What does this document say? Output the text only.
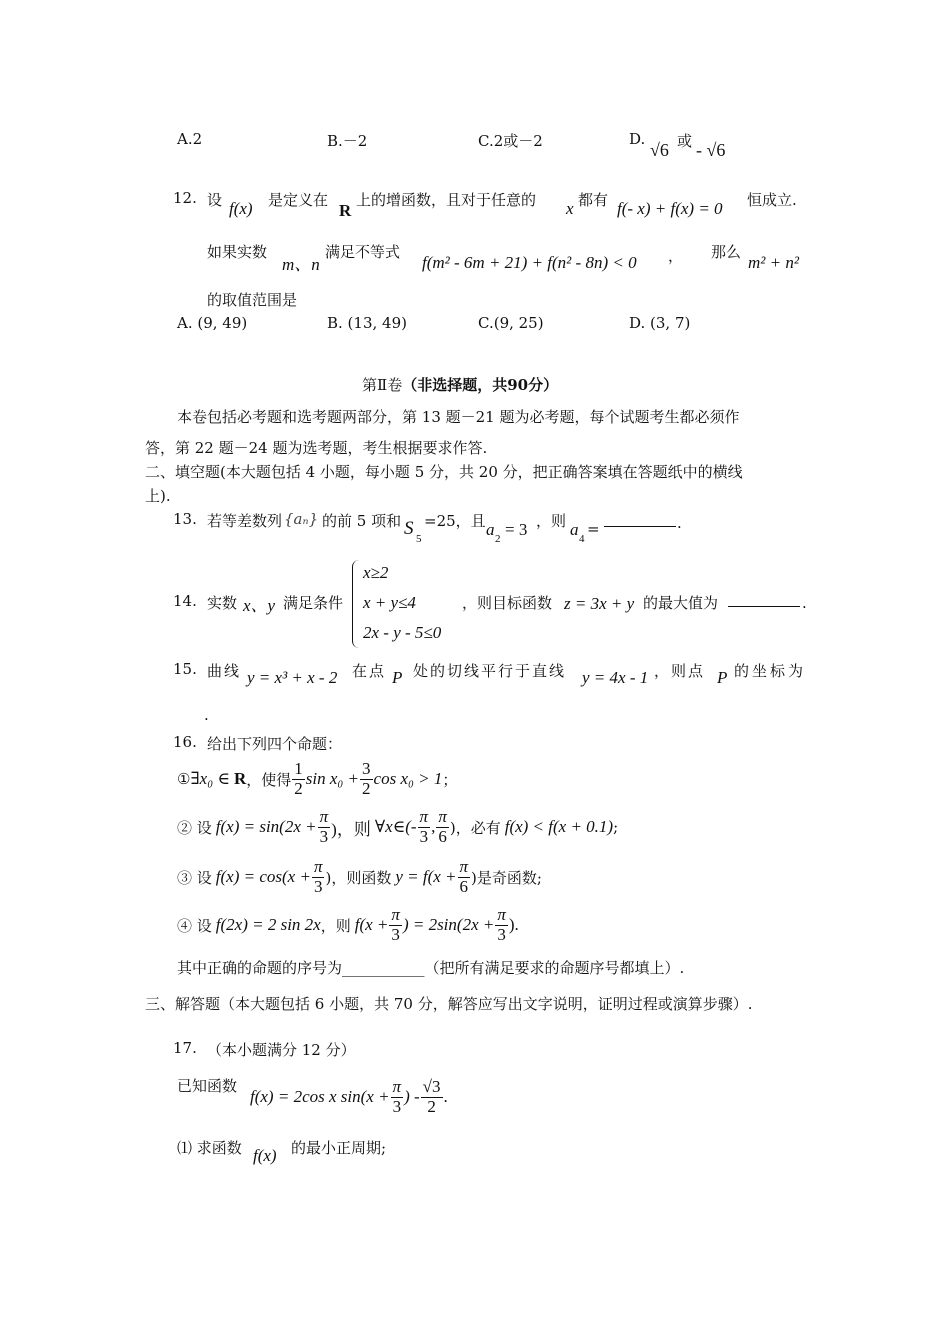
A.2	B.－2	C.2或－2	D.
√6 或 - √6
12. 设 f(x) 是定义在
R
上的增函数，且对于任意的 x 都有 f(- x) + f(x) = 0 恒成立.
如果实数
m、n
满足不等式
f(m² - 6m + 21) + f(n² - 8n) < 0 ， 那么
m² + n²
的取值范围是
A. (9, 49)	B. (13, 49)	C.(9, 25)	D. (3, 7)
第Ⅱ卷（非选择题，共90分）
本卷包括必考题和选考题两部分，第 13 题－21 题为必考题，每个试题考生都必须作
答，第 22 题－24 题为选考题，考生根据要求作答.
二、填空题(本大题包括 4 小题，每小题 5 分，共 20 分，把正确答案填在答题纸中的横线
上).
13. 若等差数列 {aₙ} 的前 5 项和 S 5
=25，且 a 2 = 3 ，则 a 4
=	.
14. 实数 x、y 满足条件
x≥2
x + y≤4
2x - y - 5≤0
，则目标函数 z = 3x + y 的最大值为	.
15. 曲线 y = x³ + x - 2 在点 P 处的切线平行于直线 y = 4x - 1 ，则点 P 的坐标为
.
16. 给出下列四个命题：
① ∃x₀ ∈ R ，使得 $\frac{1}{2}$ $\sin x_0 + \frac{3}{2}$ cos x₀ > 1 ；
② 设 $f(x) = \sin(2x + \frac{\pi}{3}$ )，则 ∀x∈(- $\frac{\pi}{3}$ , $\frac{\pi}{6}$ )，必有 f(x) < f(x + 0.1) ;
③ 设 $f(x) = \cos(x + \frac{\pi}{3}$ )，则函数 $y = f(x + \frac{\pi}{6}$ )是奇函数;
④ 设 f(2x) = 2 sin 2x ，则 $f(x + \frac{\pi}{3}$ ) = $2\sin(2x + \frac{\pi}{3}$ ).
其中正确的命题的序号为___________（把所有满足要求的命题序号都填上）.
三、解答题（本大题包括 6 小题，共 70 分，解答应写出文字说明，证明过程或演算步骤）.
17. （本小题满分 12 分）
已知函数
f(x) = 2cos x $\sin(x + \frac{\pi}{3}$ ) - $\frac{√3}{2}$ .
⑴ 求函数 f(x) 的最小正周期;
